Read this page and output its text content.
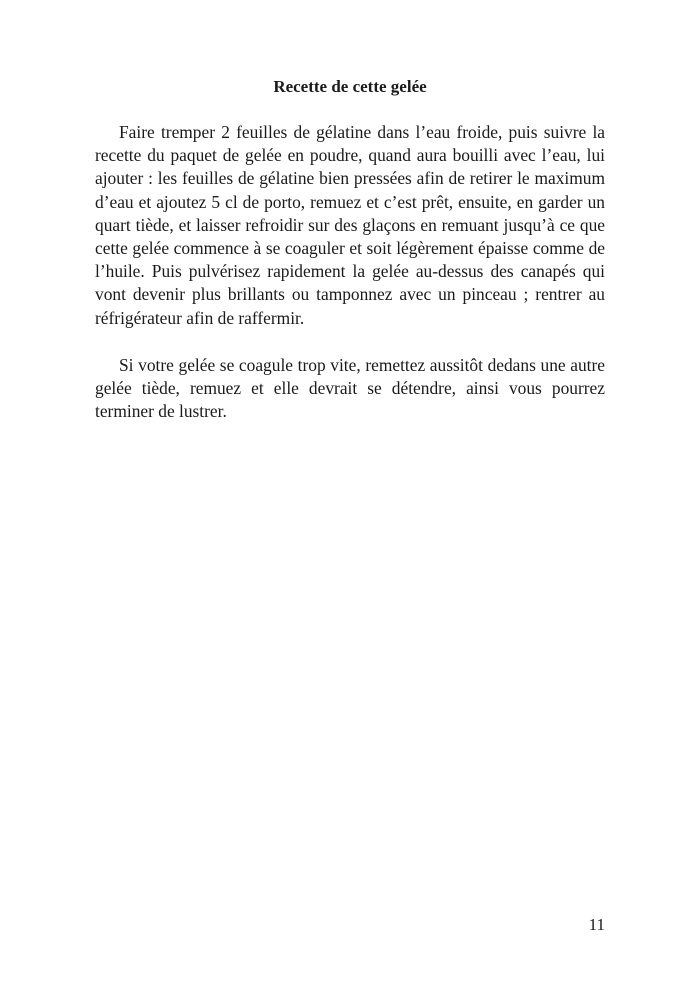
Recette de cette gelée

Faire tremper 2 feuilles de gélatine dans l’eau froide, puis suivre la recette du paquet de gelée en poudre, quand aura bouilli avec l’eau, lui ajouter : les feuilles de gélatine bien pressées afin de retirer le maximum d’eau et ajoutez 5 cl de porto, remuez et c’est prêt, ensuite, en garder un quart tiède, et laisser refroidir sur des glaçons en remuant jusqu’à ce que cette gelée commence à se coaguler et soit légèrement épaisse comme de l’huile. Puis pulvérisez rapidement la gelée au-dessus des canapés qui vont devenir plus brillants ou tamponnez avec un pinceau ; rentrer au réfrigérateur afin de raffermir.

Si votre gelée se coagule trop vite, remettez aussitôt dedans une autre gelée tiède, remuez et elle devrait se détendre, ainsi vous pourrez terminer de lustrer.

11
